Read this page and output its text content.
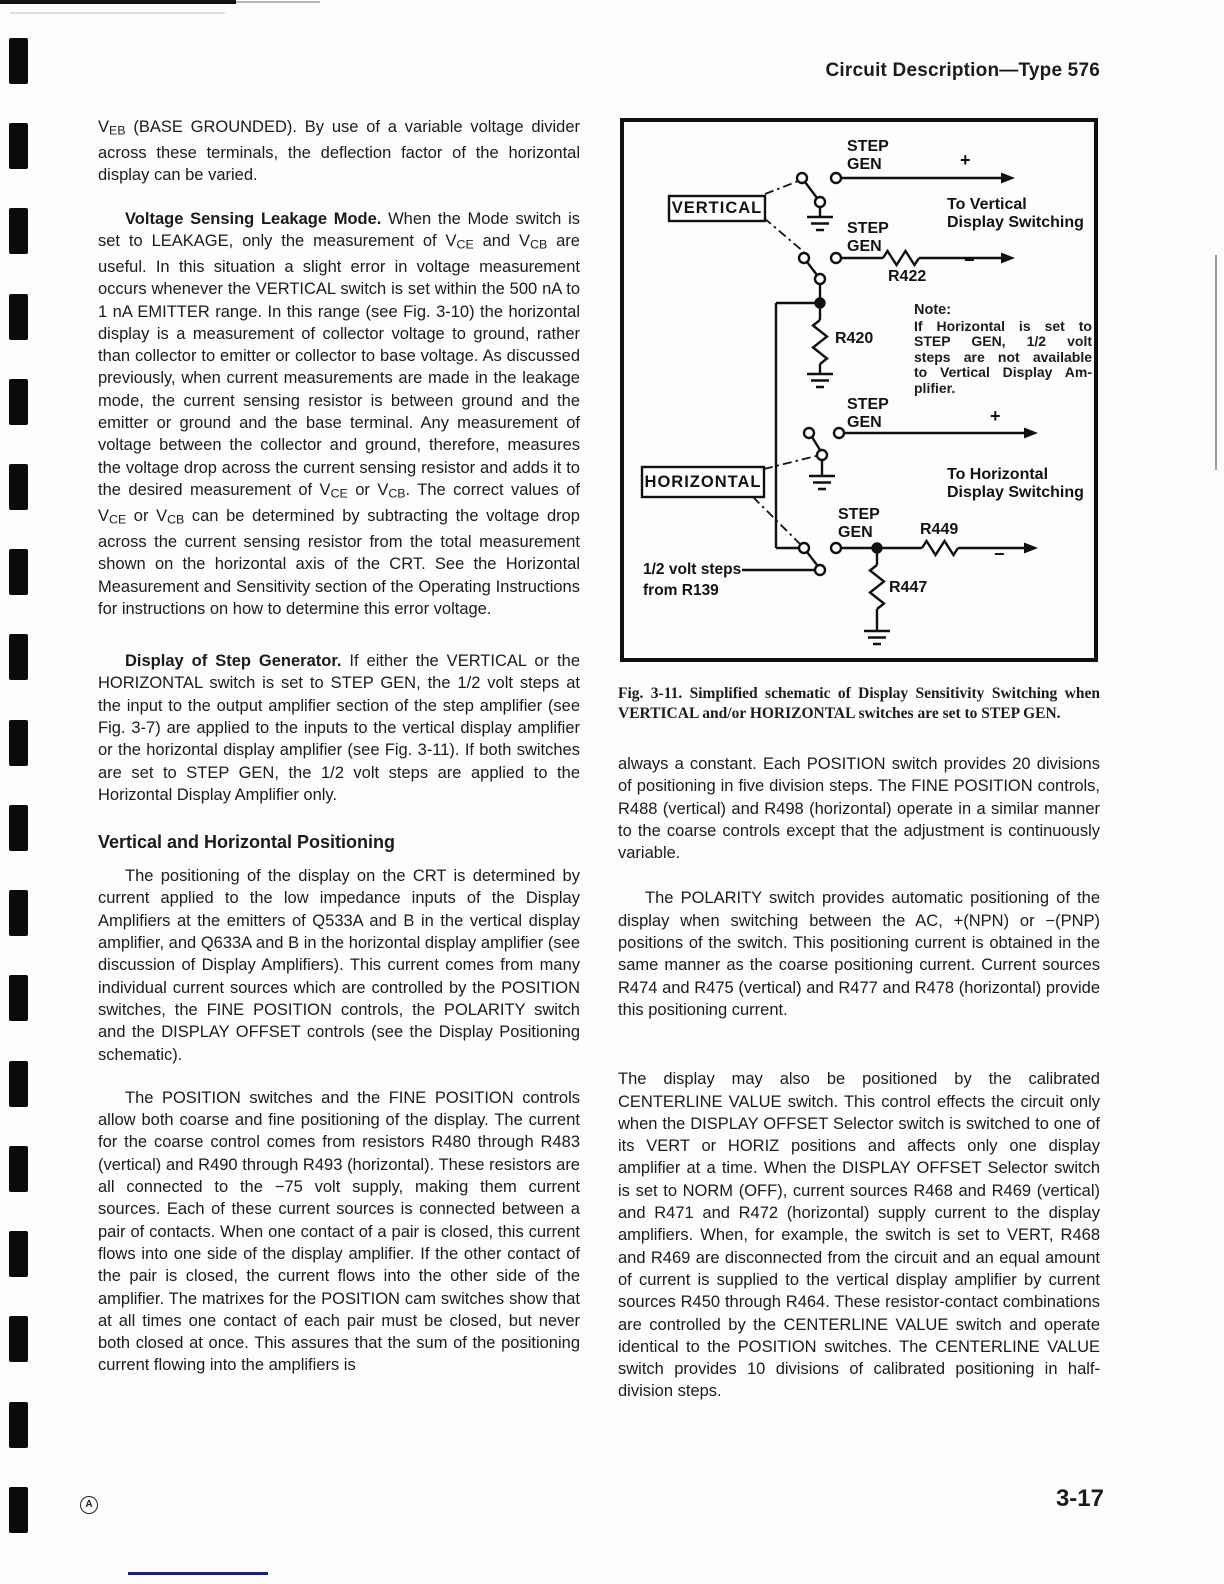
Circuit Description—Type 576

$V_{EB}$ (BASE GROUNDED). By use of a variable voltage divider across these terminals, the deflection factor of the horizontal display can be varied.

Voltage Sensing Leakage Mode. When the Mode switch is set to LEAKAGE, only the measurement of $V_{CE}$ and $V_{CB}$ are useful. In this situation a slight error in voltage measurement occurs whenever the VERTICAL switch is set within the 500 nA to 1 nA EMITTER range. In this range (see Fig. 3-10) the horizontal display is a measurement of collector voltage to ground, rather than collector to emitter or collector to base voltage. As discussed previously, when current measurements are made in the leakage mode, the current sensing resistor is between ground and the emitter or ground and the base terminal. Any measurement of voltage between the collector and ground, therefore, measures the voltage drop across the current sensing resistor and adds it to the desired measurement of $V_{CE}$ or $V_{CB}$. The correct values of $V_{CE}$ or $V_{CB}$ can be determined by subtracting the voltage drop across the current sensing resistor from the total measurement shown on the horizontal axis of the CRT. See the Horizontal Measurement and Sensitivity section of the Operating Instructions for instructions on how to determine this error voltage.

Display of Step Generator. If either the VERTICAL or the HORIZONTAL switch is set to STEP GEN, the 1/2 volt steps at the input to the output amplifier section of the step amplifier (see Fig. 3-7) are applied to the inputs to the vertical display amplifier or the horizontal display amplifier (see Fig. 3-11). If both switches are set to STEP GEN, the 1/2 volt steps are applied to the Horizontal Display Amplifier only.

Vertical and Horizontal Positioning

The positioning of the display on the CRT is determined by current applied to the low impedance inputs of the Display Amplifiers at the emitters of Q533A and B in the vertical display amplifier, and Q633A and B in the horizontal display amplifier (see discussion of Display Amplifiers). This current comes from many individual current sources which are controlled by the POSITION switches, the FINE POSITION controls, the POLARITY switch and the DISPLAY OFFSET controls (see the Display Positioning schematic).

The POSITION switches and the FINE POSITION controls allow both coarse and fine positioning of the display. The current for the coarse control comes from resistors R480 through R483 (vertical) and R490 through R493 (horizontal). These resistors are all connected to the −75 volt supply, making them current sources. Each of these current sources is connected between a pair of contacts. When one contact of a pair is closed, this current flows into one side of the display amplifier. If the other contact of the pair is closed, the current flows into the other side of the amplifier. The matrixes for the POSITION cam switches show that at all times one contact of each pair must be closed, but never both closed at once. This assures that the sum of the positioning current flowing into the amplifiers is

VERTICAL
HORIZONTAL
STEP
GEN
STEP
GEN
STEP
GEN
STEP
GEN
+
−
+
−
To Vertical
Display Switching
To Horizontal
Display Switching
R422
R420
R449
R447
1/2 volt steps
from R139
Note:
If Horizontal is set to
STEP GEN, 1/2 volt
steps are not available
to Vertical Display Am-
plifier.

Fig. 3-11. Simplified schematic of Display Sensitivity Switching when VERTICAL and/or HORIZONTAL switches are set to STEP GEN.

always a constant. Each POSITION switch provides 20 divisions of positioning in five division steps. The FINE POSITION controls, R488 (vertical) and R498 (horizontal) operate in a similar manner to the coarse controls except that the adjustment is continuously variable.

The POLARITY switch provides automatic positioning of the display when switching between the AC, +(NPN) or −(PNP) positions of the switch. This positioning current is obtained in the same manner as the coarse positioning current. Current sources R474 and R475 (vertical) and R477 and R478 (horizontal) provide this positioning current.

The display may also be positioned by the calibrated CENTERLINE VALUE switch. This control effects the circuit only when the DISPLAY OFFSET Selector switch is switched to one of its VERT or HORIZ positions and affects only one display amplifier at a time. When the DISPLAY OFFSET Selector switch is set to NORM (OFF), current sources R468 and R469 (vertical) and R471 and R472 (horizontal) supply current to the display amplifiers. When, for example, the switch is set to VERT, R468 and R469 are disconnected from the circuit and an equal amount of current is supplied to the vertical display amplifier by current sources R450 through R464. These resistor-contact combinations are controlled by the CENTERLINE VALUE switch and operate identical to the POSITION switches. The CENTERLINE VALUE switch provides 10 divisions of calibrated positioning in half-division steps.

A	3-17
